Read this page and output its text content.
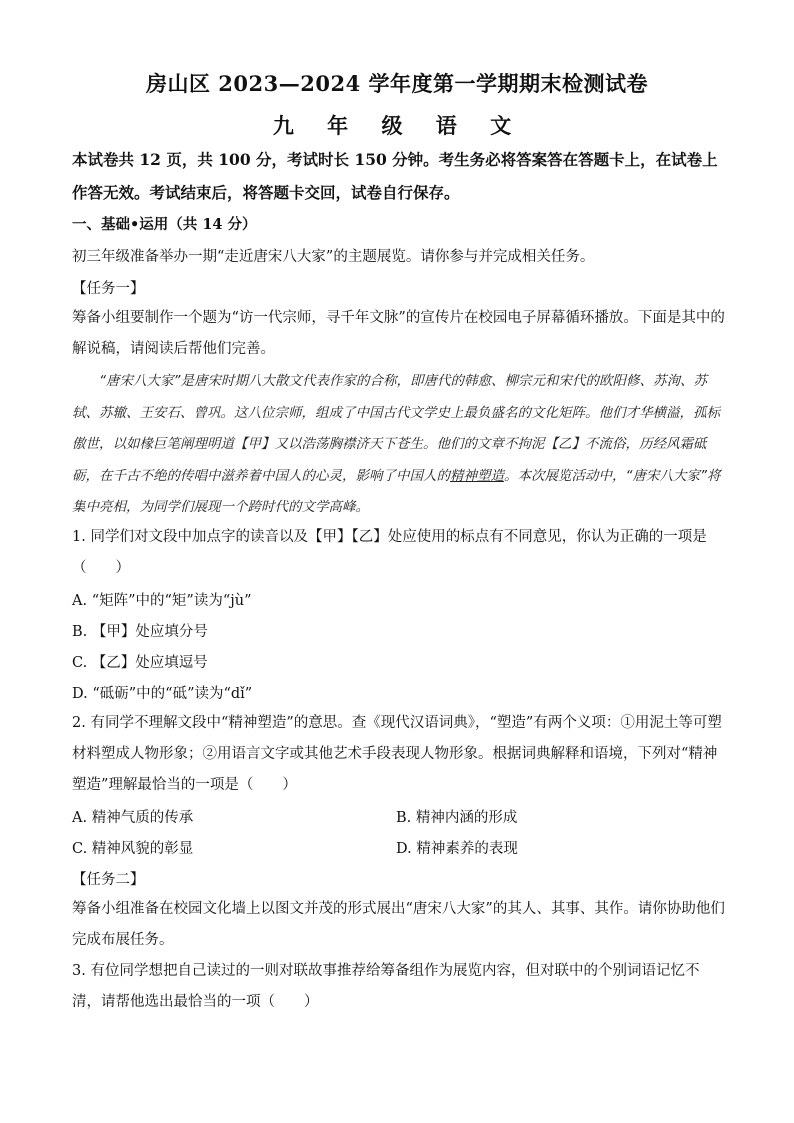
房山区 2023—2024 学年度第一学期期末检测试卷
九 年 级 语 文
本试卷共 12 页，共 100 分，考试时长 150 分钟。考生务必将答案答在答题卡上，在试卷上作答无效。考试结束后，将答题卡交回，试卷自行保存。
一、基础•运用（共 14 分）
初三年级准备举办一期“走近唐宋八大家”的主题展览。请你参与并完成相关任务。
【任务一】
筹备小组要制作一个题为“访一代宗师，寻千年文脉”的宣传片在校园电子屏幕循环播放。下面是其中的解说稿，请阅读后帮他们完善。
“唐宋八大家”是唐宋时期八大散文代表作家的合称，即唐代的韩愈、柳宗元和宋代的欧阳修、苏洵、苏轼、苏辙、王安石、曾巩。这八位宗师，组成了中国古代文学史上最负盛名的文化矩阵。他们才华横溢，孤标傲世，以如椽巨笔阐理明道【甲】又以浩荡胸襟济天下苍生。他们的文章不拘泥【乙】不流俗，历经风霜砥砺，在千古不绝的传唱中滋养着中国人的心灵，影响了中国人的精神塑造。本次展览活动中，“唐宋八大家”将集中亮相，为同学们展现一个跨时代的文学高峰。
1. 同学们对文段中加点字的读音以及【甲】【乙】处应使用的标点有不同意见，你认为正确的一项是
（　　）
A. “矩阵”中的“矩”读为“jù”
B. 【甲】处应填分号
C. 【乙】处应填逗号
D. “砥砺”中的“砥”读为“dǐ”
2. 有同学不理解文段中“精神塑造”的意思。查《现代汉语词典》，“塑造”有两个义项：①用泥土等可塑材料塑成人物形象；②用语言文字或其他艺术手段表现人物形象。根据词典解释和语境，下列对“精神塑造”理解最恰当的一项是（　　）
A. 精神气质的传承	B. 精神内涵的形成
C. 精神风貌的彰显	D. 精神素养的表现
【任务二】
筹备小组准备在校园文化墙上以图文并茂的形式展出“唐宋八大家”的其人、其事、其作。请你协助他们完成布展任务。
3. 有位同学想把自己读过的一则对联故事推荐给筹备组作为展览内容，但对联中的个别词语记忆不清，请帮他选出最恰当的一项（　　）
